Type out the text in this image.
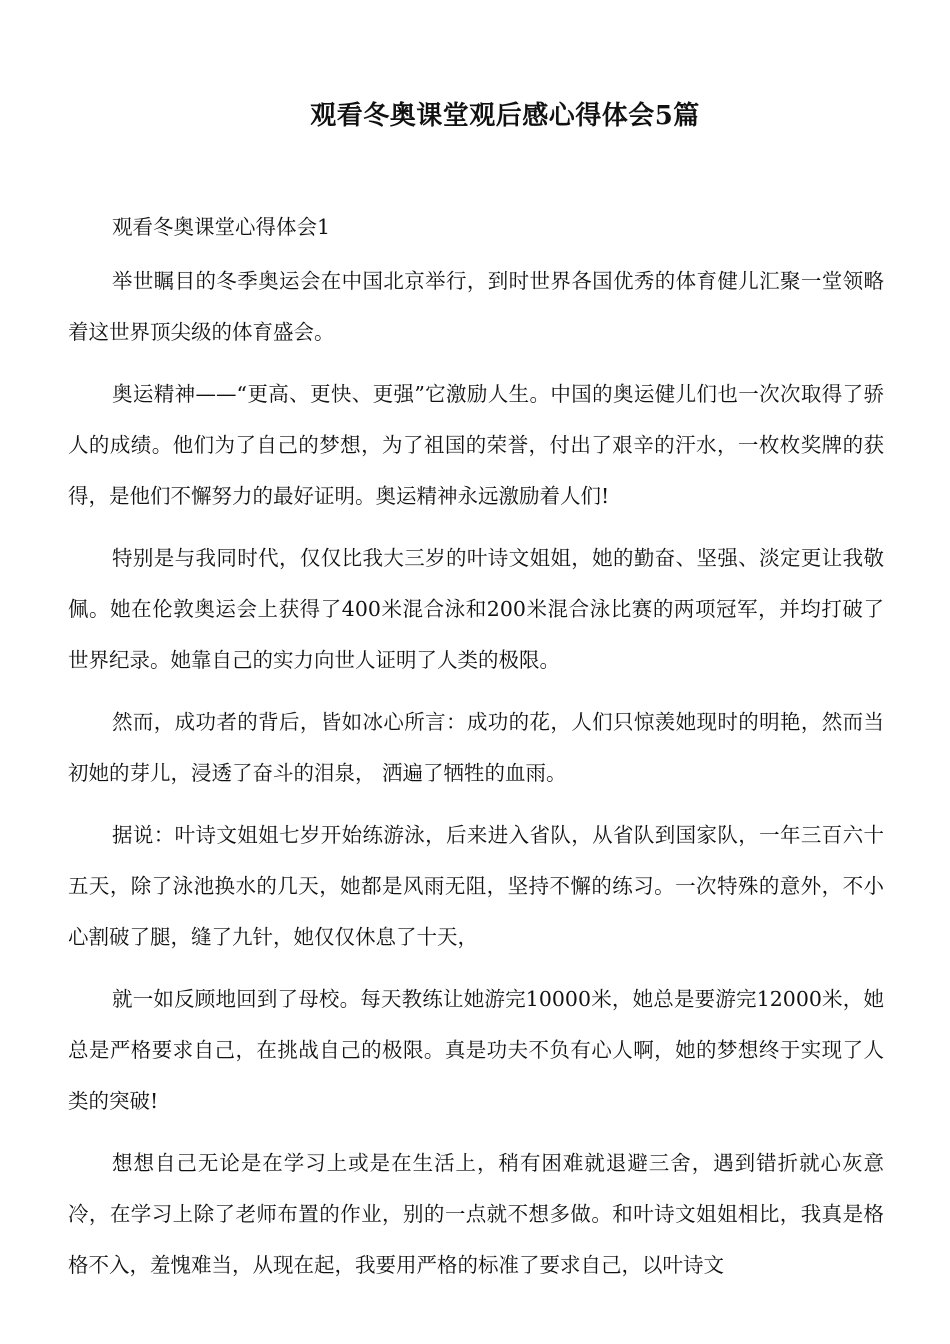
观看冬奥课堂观后感心得体会5篇

观看冬奥课堂心得体会1

举世瞩目的冬季奥运会在中国北京举行，到时世界各国优秀的体育健儿汇聚一堂领略着这世界顶尖级的体育盛会。

奥运精神——“更高、更快、更强”它激励人生。中国的奥运健儿们也一次次取得了骄人的成绩。他们为了自己的梦想，为了祖国的荣誉，付出了艰辛的汗水，一枚枚奖牌的获得，是他们不懈努力的最好证明。奥运精神永远激励着人们!

特别是与我同时代，仅仅比我大三岁的叶诗文姐姐，她的勤奋、坚强、淡定更让我敬佩。她在伦敦奥运会上获得了400米混合泳和200米混合泳比赛的两项冠军，并均打破了世界纪录。她靠自己的实力向世人证明了人类的极限。

然而，成功者的背后，皆如冰心所言：成功的花，人们只惊羡她现时的明艳，然而当初她的芽儿，浸透了奋斗的泪泉， 洒遍了牺牲的血雨。

据说：叶诗文姐姐七岁开始练游泳，后来进入省队，从省队到国家队，一年三百六十五天，除了泳池换水的几天，她都是风雨无阻，坚持不懈的练习。一次特殊的意外，不小心割破了腿，缝了九针，她仅仅休息了十天，

就一如反顾地回到了母校。每天教练让她游完10000米，她总是要游完12000米，她总是严格要求自己，在挑战自己的极限。真是功夫不负有心人啊，她的梦想终于实现了人类的突破!

想想自己无论是在学习上或是在生活上，稍有困难就退避三舍，遇到错折就心灰意冷，在学习上除了老师布置的作业，别的一点就不想多做。和叶诗文姐姐相比，我真是格格不入，羞愧难当，从现在起，我要用严格的标准了要求自己，以叶诗文
